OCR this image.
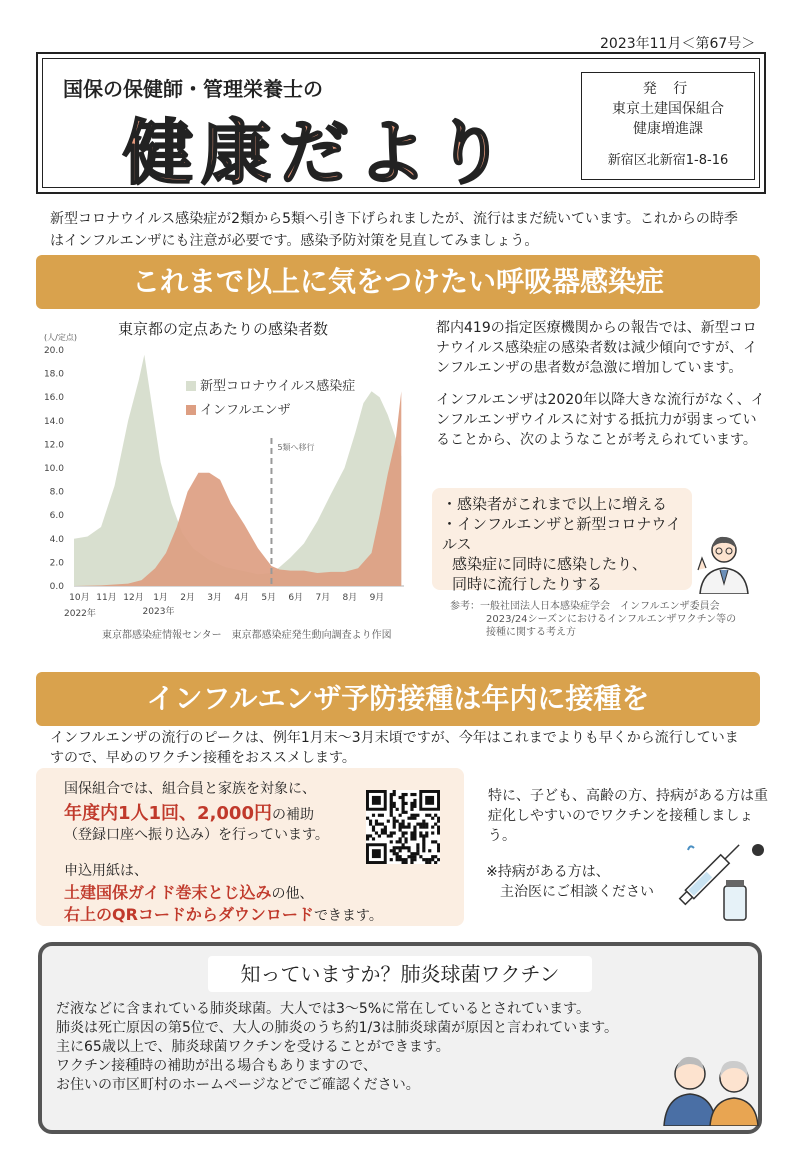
2023年11月＜第67号＞
国保の保健師・管理栄養士の
健康だより
発 行
東京土建国保組合
健康増進課
新宿区北新宿1-8-16
新型コロナウイルス感染症が2類から5類へ引き下げられましたが、流行はまだ続いています。これからの時季はインフルエンザにも注意が必要です。感染予防対策を見直してみましょう。
これまで以上に気をつけたい呼吸器感染症
東京都の定点あたりの感染者数
(人/定点)
0.0
2.0
4.0
6.0
8.0
10.0
12.0
14.0
16.0
18.0
20.0
5類へ移行
10月 11月 12月 1月 2月 3月 4月 5月 6月 7月 8月 9月
2022年	2023年
新型コロナウイルス感染症
インフルエンザ
東京都感染症情報センター　東京都感染症発生動向調査より作図

都内419の指定医療機関からの報告では、新型コロナウイルス感染症の感染者数は減少傾向ですが、インフルエンザの患者数が急激に増加しています。

インフルエンザは2020年以降大きな流行がなく、インフルエンザウイルスに対する抵抗力が弱まっていることから、次のようなことが考えられています。

・感染者がこれまで以上に増える
・インフルエンザと新型コロナウイルス
感染症に同時に感染したり、
同時に流行したりする
参考：一般社団法人日本感染症学会　インフルエンザ委員会
2023/24シーズンにおけるインフルエンザワクチン等の
接種に関する考え方
インフルエンザ予防接種は年内に接種を
インフルエンザの流行のピークは、例年1月末～3月末頃ですが、今年はこれまでよりも早くから流行していますので、早めのワクチン接種をおススメします。
国保組合では、組合員と家族を対象に、
年度内1人1回、2,000円の補助
（登録口座へ振り込み）を行っています。
申込用紙は、
土建国保ガイド巻末とじ込みの他、
右上のQRコードからダウンロードできます。
特に、子ども、高齢の方、持病がある方は重症化しやすいのでワクチンを接種しましょう。
※持病がある方は、
主治医にご相談ください
知っていますか？肺炎球菌ワクチン
だ液などに含まれている肺炎球菌。大人では3～5%に常在しているとされています。
肺炎は死亡原因の第5位で、大人の肺炎のうち約1/3は肺炎球菌が原因と言われています。
主に65歳以上で、肺炎球菌ワクチンを受けることができます。
ワクチン接種時の補助が出る場合もありますので、
お住いの市区町村のホームページなどでご確認ください。
